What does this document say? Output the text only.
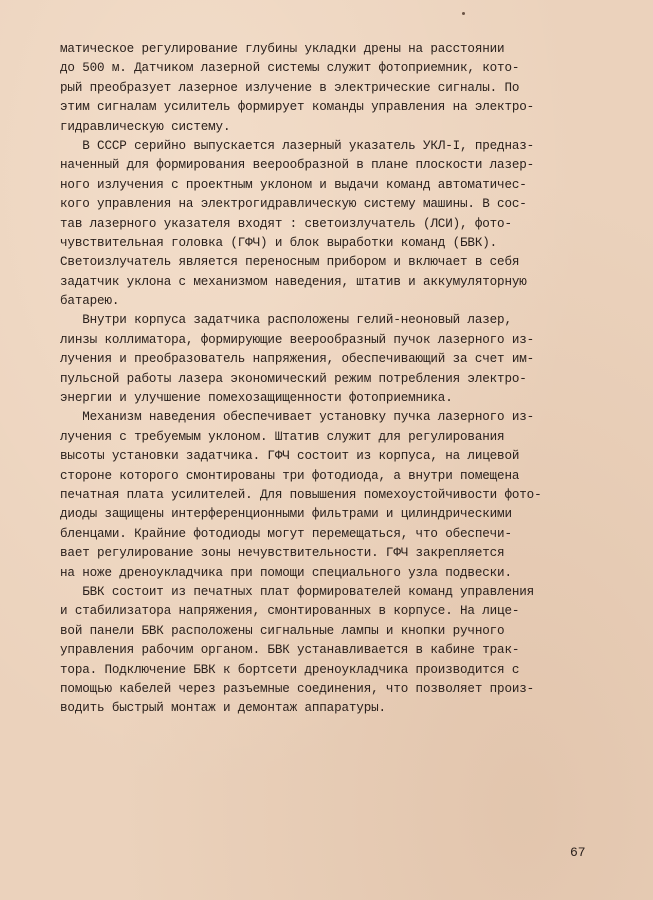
матическое регулирование глубины укладки дрены на расстоянии
до 500 м. Датчиком лазерной системы служит фотоприемник, кото-
рый преобразует лазерное излучение в электрические сигналы. По
этим сигналам усилитель формирует команды управления на электро-
гидравлическую систему.
В СССР серийно выпускается лазерный указатель УКЛ-I, предназ-
наченный для формирования веерообразной в плане плоскости лазер-
ного излучения с проектным уклоном и выдачи команд автоматичес-
кого управления на электрогидравлическую систему машины. В сос-
тав лазерного указателя входят : светоизлучатель (ЛСИ), фото-
чувствительная головка (ГФЧ) и блок выработки команд (БВК).
Светоизлучатель является переносным прибором и включает в себя
задатчик уклона с механизмом наведения, штатив и аккумуляторную
батарею.
Внутри корпуса задатчика расположены гелий-неоновый лазер,
линзы коллиматора, формирующие веерообразный пучок лазерного из-
лучения и преобразователь напряжения, обеспечивающий за счет им-
пульсной работы лазера экономический режим потребления электро-
энергии и улучшение помехозащищенности фотоприемника.
Механизм наведения обеспечивает установку пучка лазерного из-
лучения с требуемым уклоном. Штатив служит для регулирования
высоты установки задатчика. ГФЧ состоит из корпуса, на лицевой
стороне которого смонтированы три фотодиода, а внутри помещена
печатная плата усилителей. Для повышения помехоустойчивости фото-
диоды защищены интерференционными фильтрами и цилиндрическими
бленцами. Крайние фотодиоды могут перемещаться, что обеспечи-
вает регулирование зоны нечувствительности. ГФЧ закрепляется
на ноже дреноукладчика при помощи специального узла подвески.
БВК состоит из печатных плат формирователей команд управления
и стабилизатора напряжения, смонтированных в корпусе. На лице-
вой панели БВК расположены сигнальные лампы и кнопки ручного
управления рабочим органом. БВК устанавливается в кабине трак-
тора. Подключение БВК к бортсети дреноукладчика производится с
помощью кабелей через разъемные соединения, что позволяет произ-
водить быстрый монтаж и демонтаж аппаратуры.
67
